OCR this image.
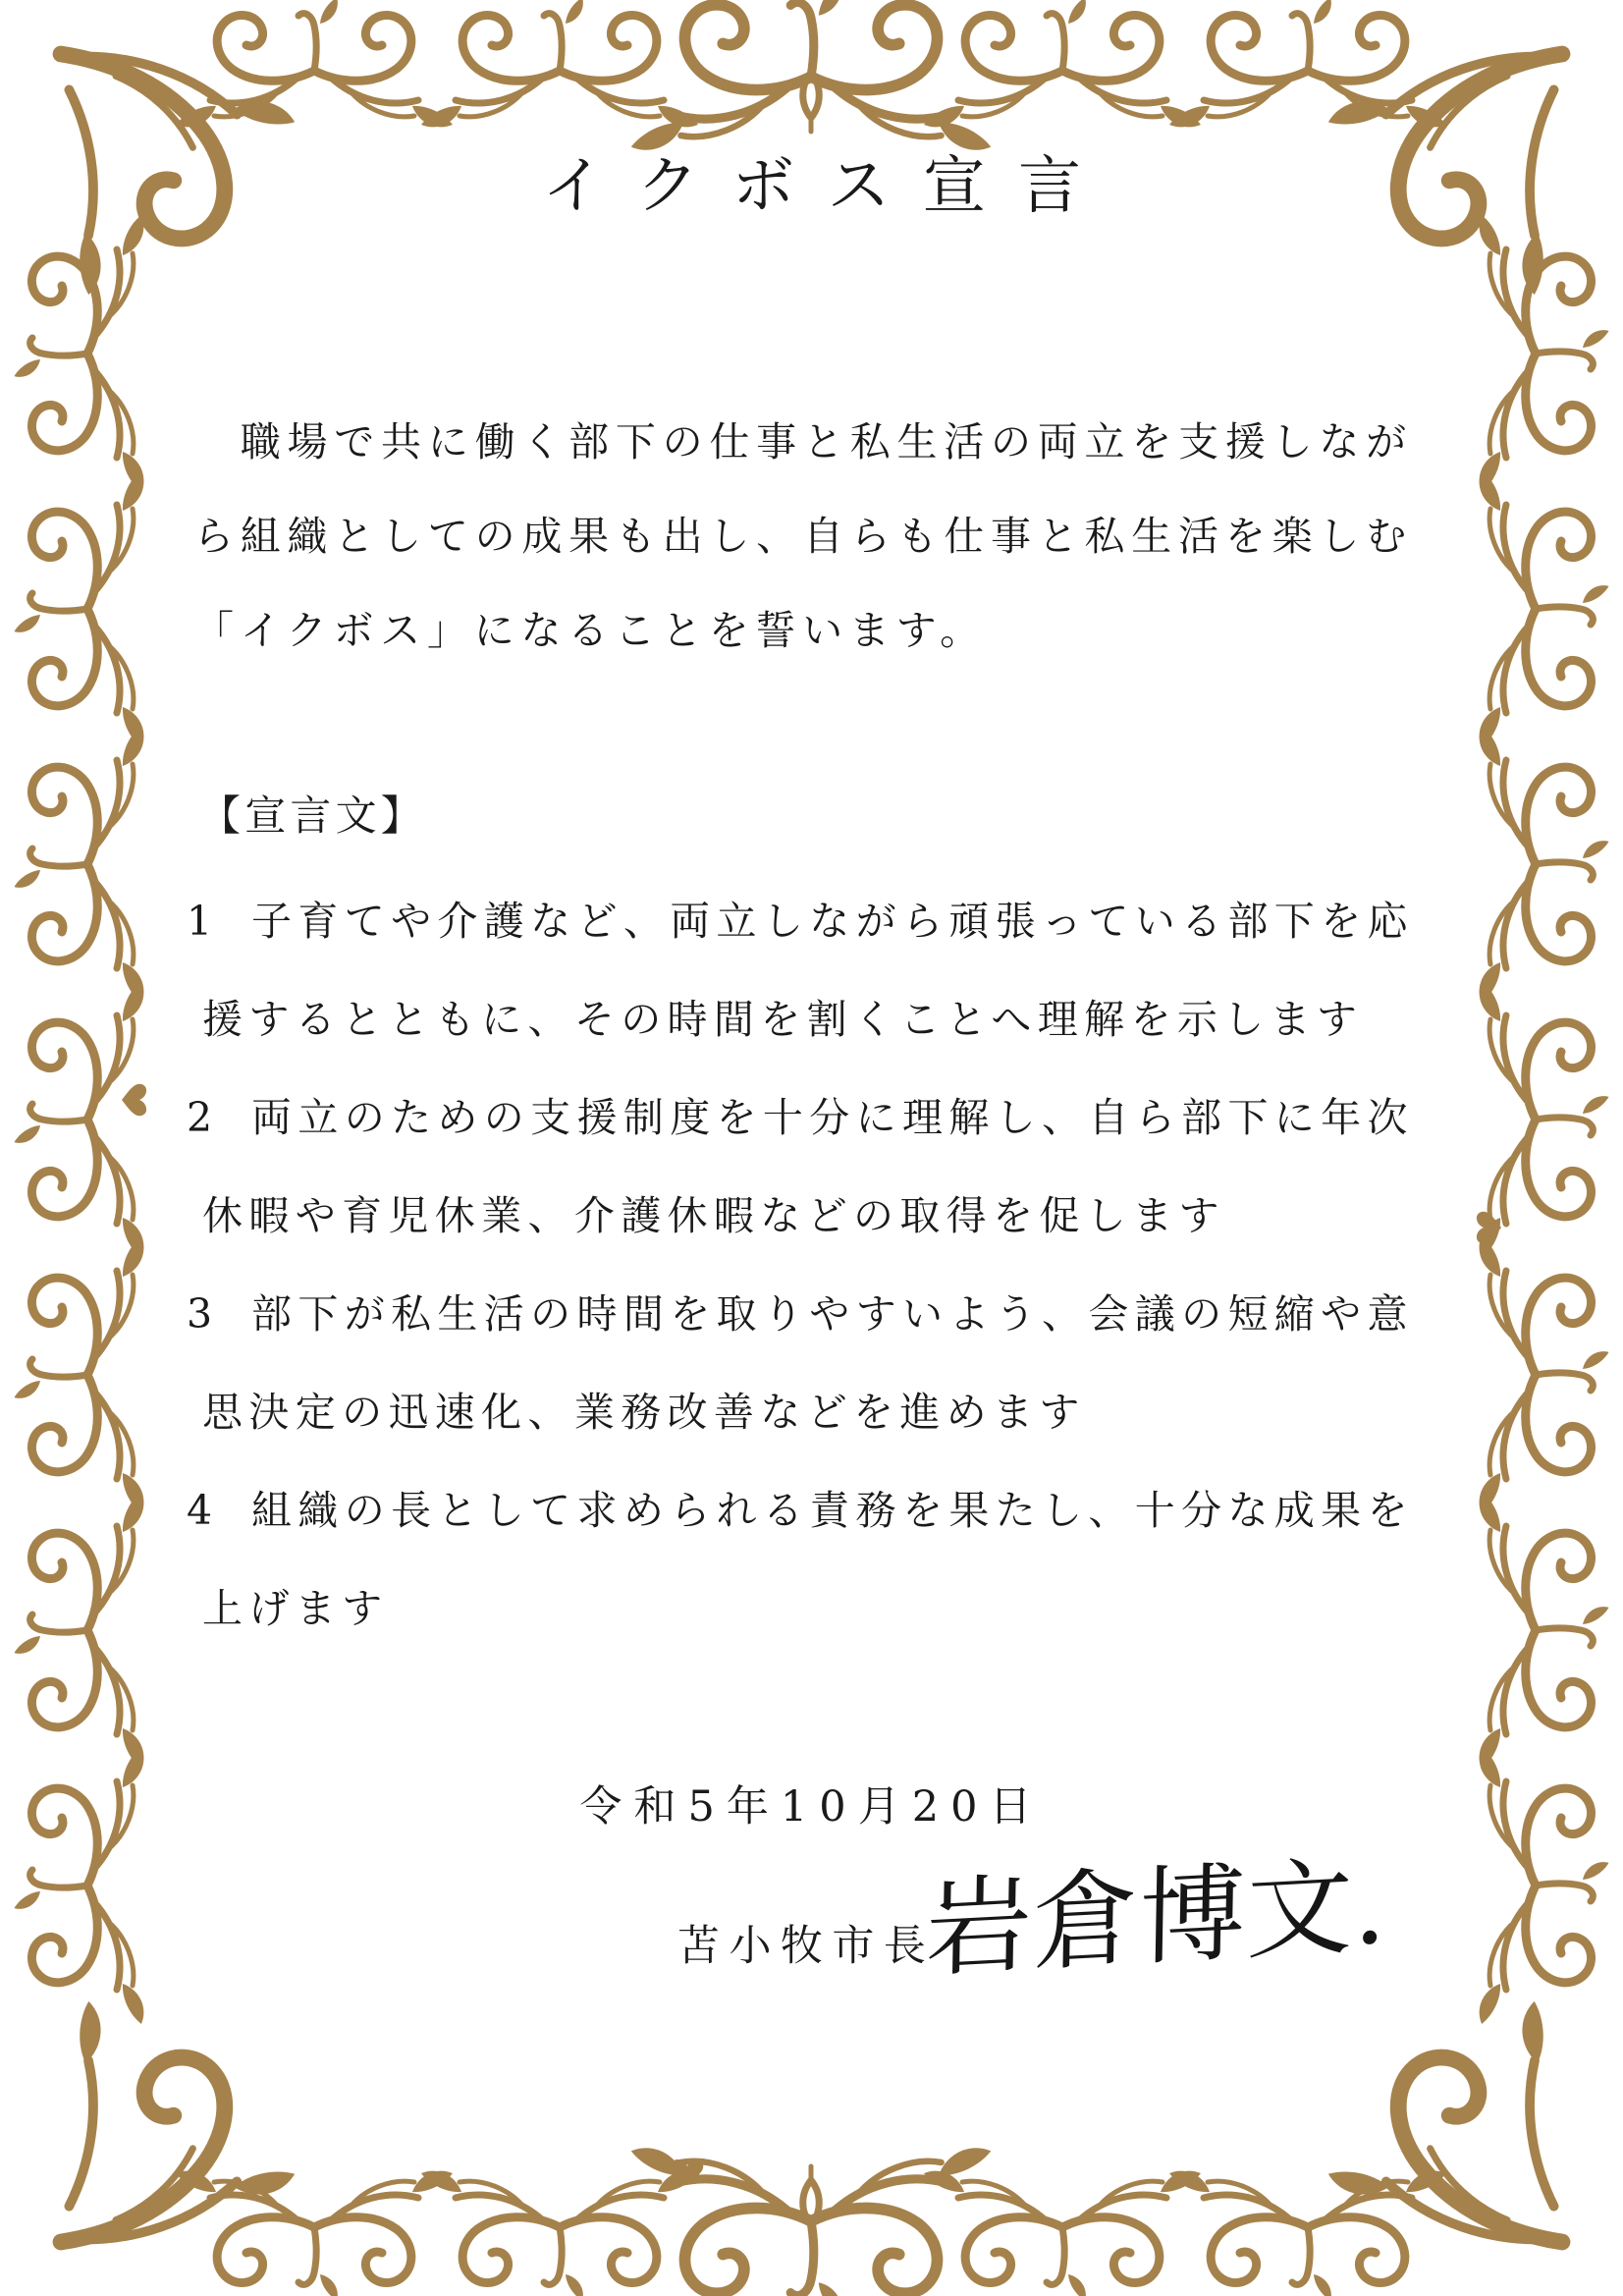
イクボス宣言
　職場で共に働く部下の仕事と私生活の両立を支援しなが
ら組織としての成果も出し、自らも仕事と私生活を楽しむ
「イクボス」になることを誓います。
【宣言文】
1 子育てや介護など、両立しながら頑張っている部下を応
援するとともに、その時間を割くことへ理解を示します
2 両立のための支援制度を十分に理解し、自ら部下に年次
休暇や育児休業、介護休暇などの取得を促します
3 部下が私生活の時間を取りやすいよう、会議の短縮や意
思決定の迅速化、業務改善などを進めます
4 組織の長として求められる責務を果たし、十分な成果を
上げます
令和5年10月20日
苫小牧市長
岩倉博文.
